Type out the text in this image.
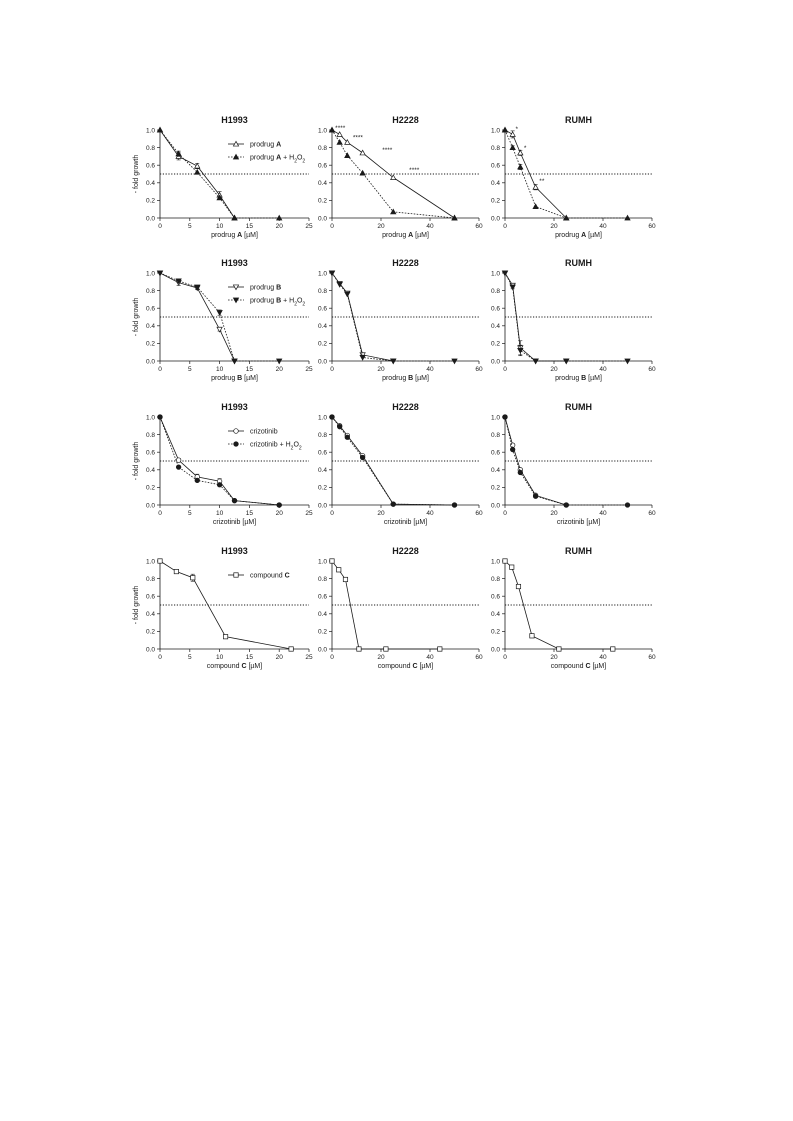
H1993
0.0
0.2
0.4
0.6
0.8
1.0
0	5	10	15	20	25
prodrug A [µM]
- fold growth
prodrug A
prodrug $A + H_2O_2$
H2228
0.0
0.2
0.4
0.6
0.8
1.0
0	20	40	60
prodrug A [µM]
****
****
****
****
RUMH
0.0
0.2
0.4
0.6
0.8
1.0
0	20	40	60
prodrug A [µM]
*
*
**
H1993
0.0
0.2
0.4
0.6
0.8
1.0
0	5	10	15	20	25
prodrug B [µM]
- fold growth
prodrug B
prodrug $B + H_2O_2$
H2228
0.0
0.2
0.4
0.6
0.8
1.0
0	20	40	60
prodrug B [µM]
RUMH
0.0
0.2
0.4
0.6
0.8
1.0
0	20	40	60
prodrug B [µM]
H1993
0.0
0.2
0.4
0.6
0.8
1.0
0	5	10	15	20	25
crizotinib [µM]
- fold growth
crizotinib
crizotinib + $H_2O_2$
H2228
0.0
0.2
0.4
0.6
0.8
1.0
0	20	40	60
crizotinib [µM]
RUMH
0.0
0.2
0.4
0.6
0.8
1.0
0	20	40	60
crizotinib [µM]
H1993
0.0
0.2
0.4
0.6
0.8
1.0
0	5	10	15	20	25
compound C [µM]
- fold growth
compound C
H2228
0.0
0.2
0.4
0.6
0.8
1.0
0	20	40	60
compound C [µM]
RUMH
0.0
0.2
0.4
0.6
0.8
1.0
0	20	40	60
compound C [µM]
